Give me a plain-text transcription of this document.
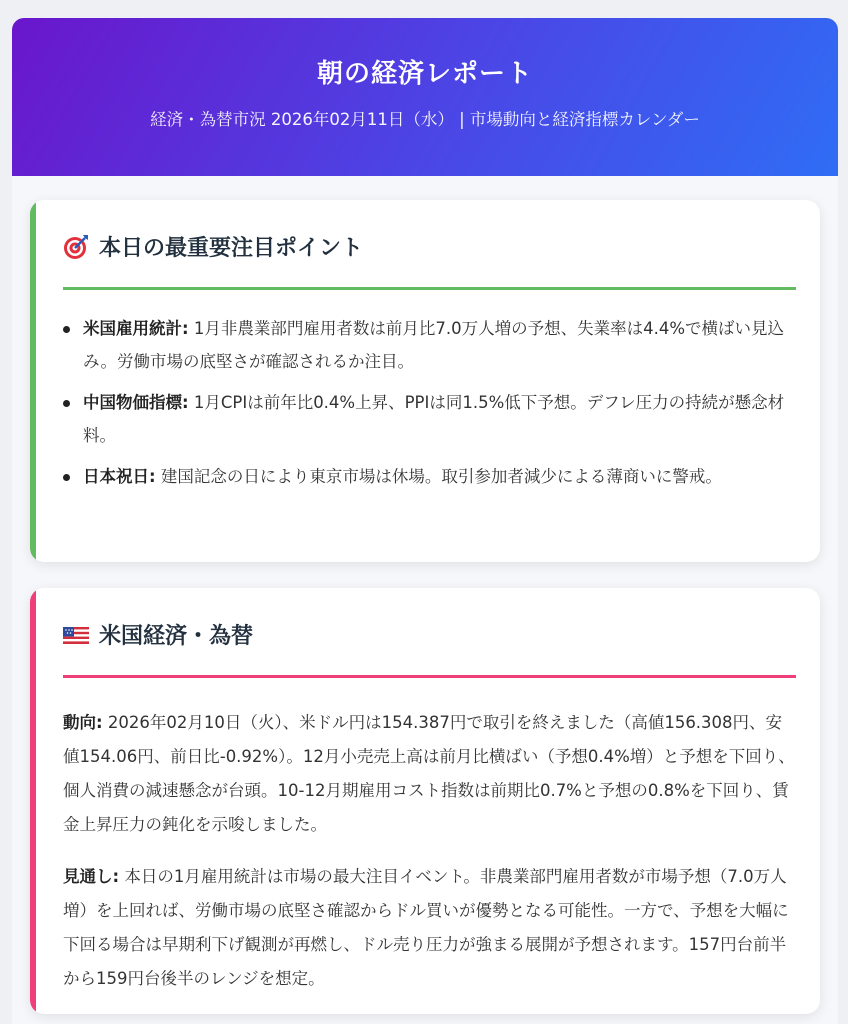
朝の経済レポート
経済・為替市況 2026年02月11日（水） | 市場動向と経済指標カレンダー
本日の最重要注目ポイント
米国雇用統計: 1月非農業部門雇用者数は前月比7.0万人増の予想、失業率は4.4%で横ばい見込み。労働市場の底堅さが確認されるか注目。
中国物価指標: 1月CPIは前年比0.4%上昇、PPIは同1.5%低下予想。デフレ圧力の持続が懸念材料。
日本祝日: 建国記念の日により東京市場は休場。取引参加者減少による薄商いに警戒。
米国経済・為替

動向: 2026年02月10日（火）、米ドル円は154.387円で取引を終えました（高値156.308円、安値154.06円、前日比-0.92%）。12月小売売上高は前月比横ばい（予想0.4%増）と予想を下回り、個人消費の減速懸念が台頭。10-12月期雇用コスト指数は前期比0.7%と予想の0.8%を下回り、賃金上昇圧力の鈍化を示唆しました。

見通し: 本日の1月雇用統計は市場の最大注目イベント。非農業部門雇用者数が市場予想（7.0万人増）を上回れば、労働市場の底堅さ確認からドル買いが優勢となる可能性。一方で、予想を大幅に下回る場合は早期利下げ観測が再燃し、ドル売り圧力が強まる展開が予想されます。157円台前半から159円台後半のレンジを想定。
